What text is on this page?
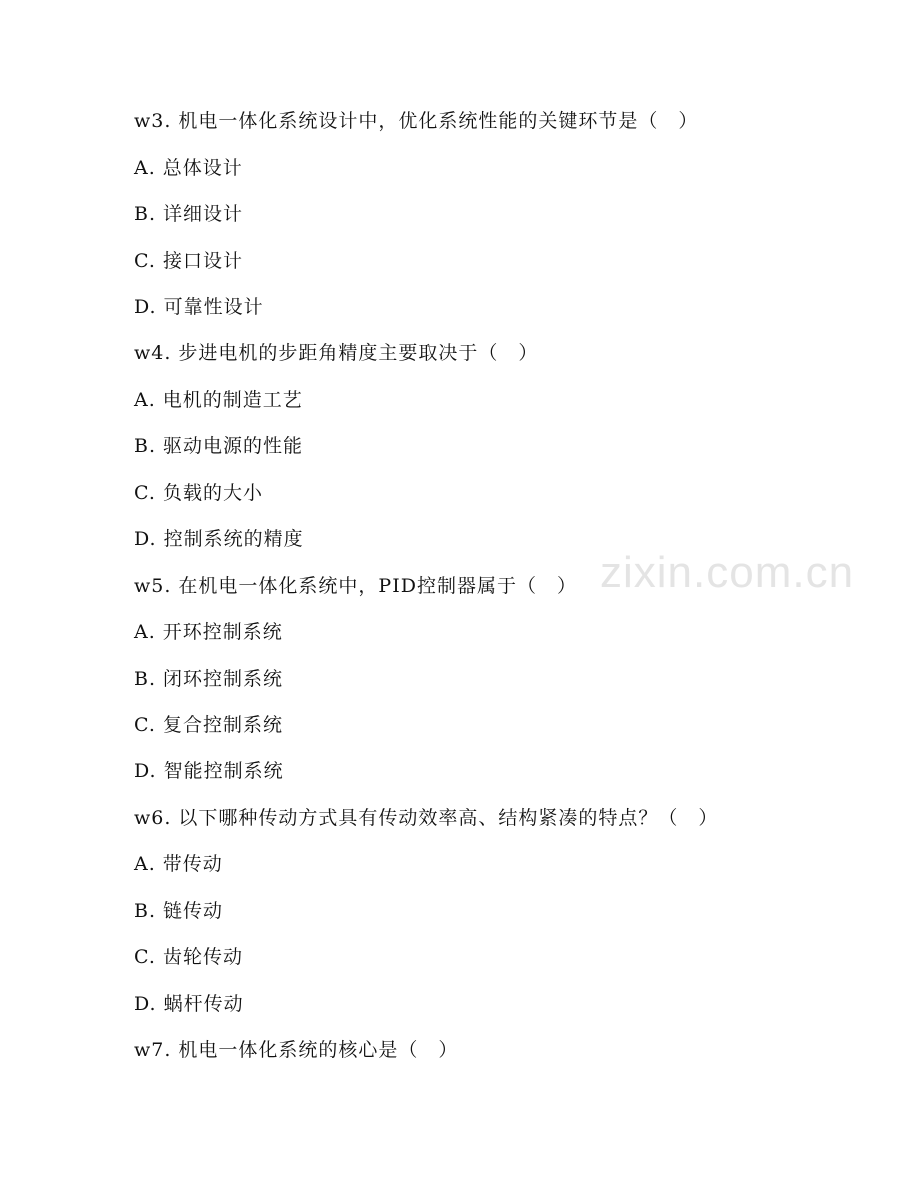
zixin.com.cn
w3. 机电一体化系统设计中，优化系统性能的关键环节是（　）
A. 总体设计
B. 详细设计
C. 接口设计
D. 可靠性设计
w4. 步进电机的步距角精度主要取决于（　）
A. 电机的制造工艺
B. 驱动电源的性能
C. 负载的大小
D. 控制系统的精度
w5. 在机电一体化系统中，PID控制器属于（　）
A. 开环控制系统
B. 闭环控制系统
C. 复合控制系统
D. 智能控制系统
w6. 以下哪种传动方式具有传动效率高、结构紧凑的特点？（　）
A. 带传动
B. 链传动
C. 齿轮传动
D. 蜗杆传动
w7. 机电一体化系统的核心是（　）
